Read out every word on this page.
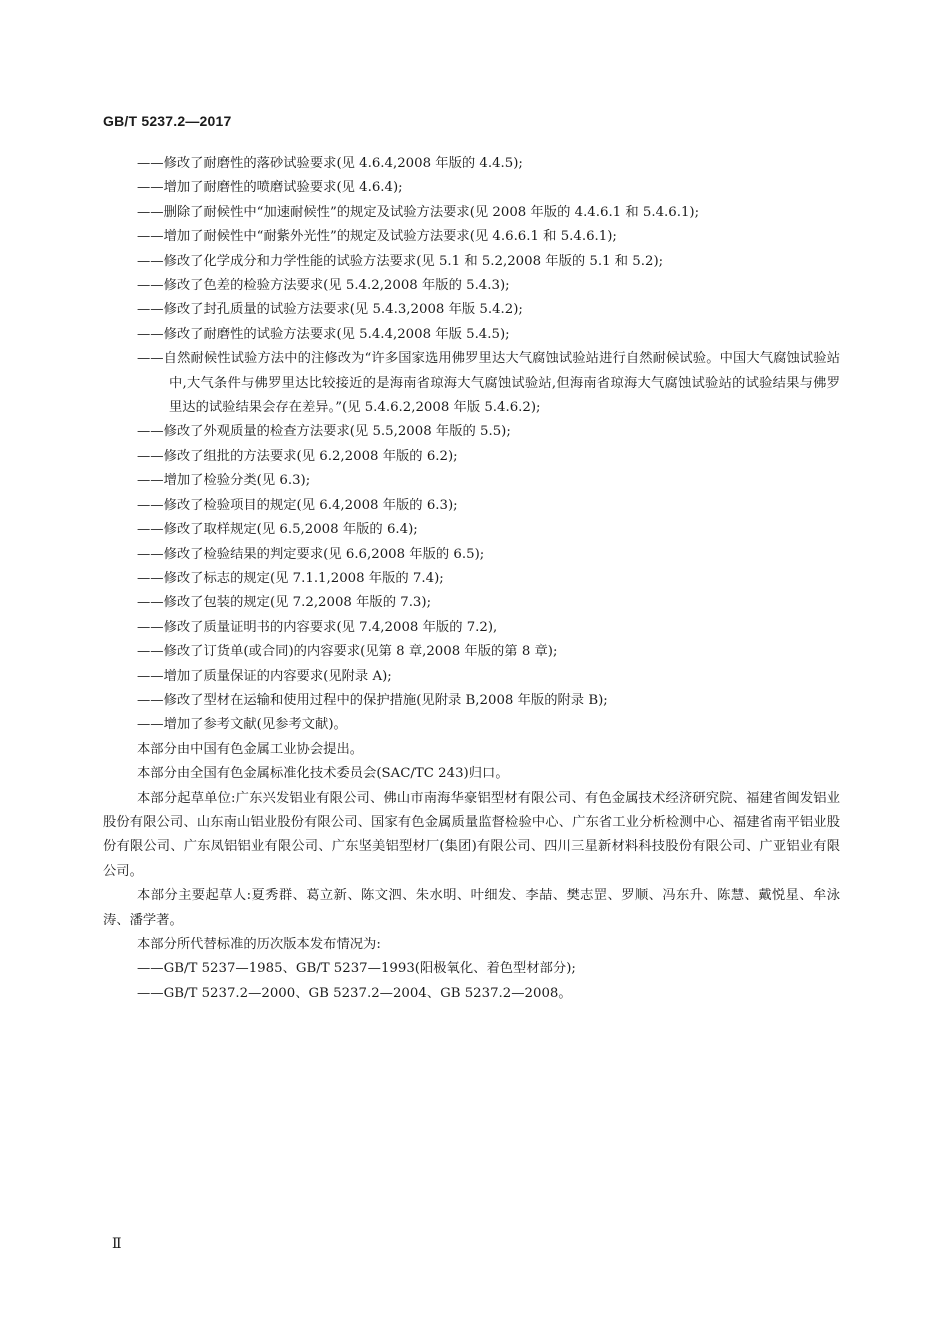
GB/T 5237.2—2017

——修改了耐磨性的落砂试验要求(见 4.6.4,2008 年版的 4.4.5);

——增加了耐磨性的喷磨试验要求(见 4.6.4);

——删除了耐候性中“加速耐候性”的规定及试验方法要求(见 2008 年版的 4.4.6.1 和 5.4.6.1);

——增加了耐候性中“耐紫外光性”的规定及试验方法要求(见 4.6.6.1 和 5.4.6.1);

——修改了化学成分和力学性能的试验方法要求(见 5.1 和 5.2,2008 年版的 5.1 和 5.2);

——修改了色差的检验方法要求(见 5.4.2,2008 年版的 5.4.3);

——修改了封孔质量的试验方法要求(见 5.4.3,2008 年版 5.4.2);

——修改了耐磨性的试验方法要求(见 5.4.4,2008 年版 5.4.5);

——自然耐候性试验方法中的注修改为“许多国家选用佛罗里达大气腐蚀试验站进行自然耐候试验。中国大气腐蚀试验站中,大气条件与佛罗里达比较接近的是海南省琼海大气腐蚀试验站,但海南省琼海大气腐蚀试验站的试验结果与佛罗里达的试验结果会存在差异。”(见 5.4.6.2,2008 年版 5.4.6.2);

——修改了外观质量的检查方法要求(见 5.5,2008 年版的 5.5);

——修改了组批的方法要求(见 6.2,2008 年版的 6.2);

——增加了检验分类(见 6.3);

——修改了检验项目的规定(见 6.4,2008 年版的 6.3);

——修改了取样规定(见 6.5,2008 年版的 6.4);

——修改了检验结果的判定要求(见 6.6,2008 年版的 6.5);

——修改了标志的规定(见 7.1.1,2008 年版的 7.4);

——修改了包装的规定(见 7.2,2008 年版的 7.3);

——修改了质量证明书的内容要求(见 7.4,2008 年版的 7.2),

——修改了订货单(或合同)的内容要求(见第 8 章,2008 年版的第 8 章);

——增加了质量保证的内容要求(见附录 A);

——修改了型材在运输和使用过程中的保护措施(见附录 B,2008 年版的附录 B);

——增加了参考文献(见参考文献)。

本部分由中国有色金属工业协会提出。

本部分由全国有色金属标准化技术委员会(SAC/TC 243)归口。

本部分起草单位:广东兴发铝业有限公司、佛山市南海华豪铝型材有限公司、有色金属技术经济研究院、福建省闽发铝业股份有限公司、山东南山铝业股份有限公司、国家有色金属质量监督检验中心、广东省工业分析检测中心、福建省南平铝业股份有限公司、广东凤铝铝业有限公司、广东坚美铝型材厂(集团)有限公司、四川三星新材料科技股份有限公司、广亚铝业有限公司。

本部分主要起草人:夏秀群、葛立新、陈文泗、朱水明、叶细发、李喆、樊志罡、罗顺、冯东升、陈慧、戴悦星、牟泳涛、潘学著。

本部分所代替标准的历次版本发布情况为:

——GB/T 5237—1985、GB/T 5237—1993(阳极氧化、着色型材部分);

——GB/T 5237.2—2000、GB 5237.2—2004、GB 5237.2—2008。

Ⅱ
